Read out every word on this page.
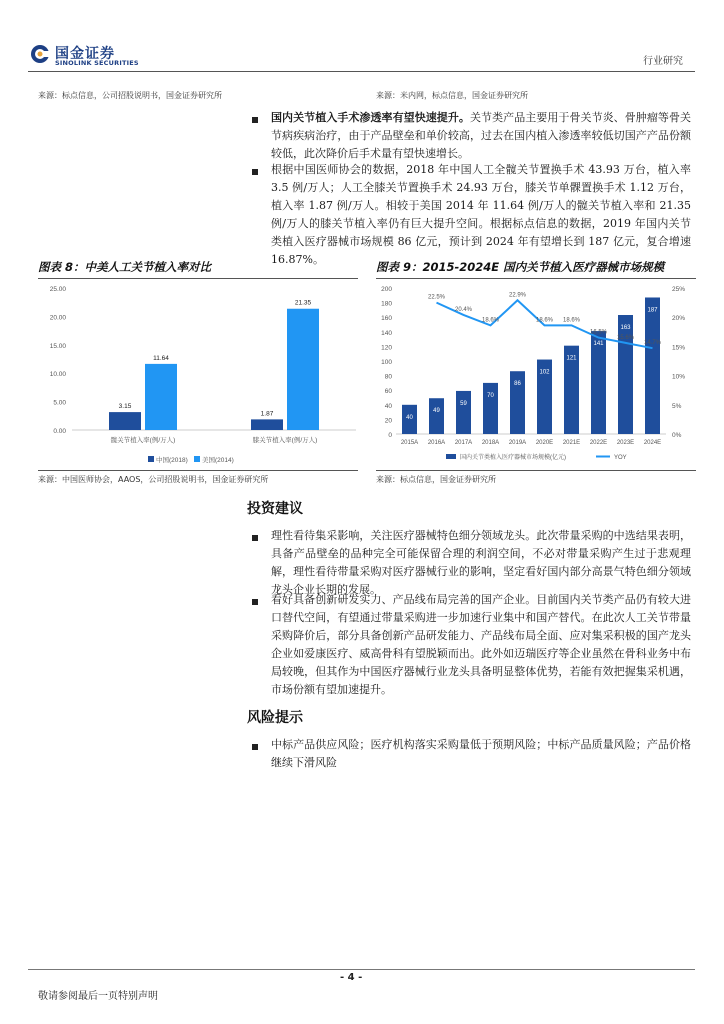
国金证券
SINOLINK SECURITIES	行业研究
来源：标点信息，公司招股说明书，国金证券研究所	来源：米内网，标点信息，国金证券研究所
国内关节植入手术渗透率有望快速提升。关节类产品主要用于骨关节炎、骨肿瘤等骨关节病疾病治疗，由于产品壁垒和单价较高，过去在国内植入渗透率较低切国产产品份额较低，此次降价后手术量有望快速增长。
根据中国医师协会的数据，2018 年中国人工全髋关节置换手术 43.93 万台，植入率 3.5 例/万人；人工全膝关节置换手术 24.93 万台，膝关节单髁置换手术 1.12 万台，植入率 1.87 例/万人。相较于美国 2014 年 11.64 例/万人的髋关节植入率和 21.35 例/万人的膝关节植入率仍有巨大提升空间。根据标点信息的数据，2019 年国内关节类植入医疗器械市场规模 86 亿元，预计到 2024 年有望增长到 187 亿元，复合增速 16.87%。
图表 8：中美人工关节植入率对比
0.00
5.00
10.00
15.00
20.00
25.00
3.15
11.64
髋关节植入率(例/万人)
1.87
21.35
膝关节植入率(例/万人)
中国(2018) 美国(2014)
来源：中国医师协会，AAOS，公司招股说明书，国金证券研究所
图表 9：2015-2024E 国内关节植入医疗器械市场规模
0
20
40
60
80
100
120
140
160
180
200
0%
5%
10%
15%
20%
25%
40
2015A
49
2016A
59
2017A
70
2018A
86
2019A
102
2020E
121
2021E
141
2022E
163
2023E
187
2024E
22.5%
20.4%
18.6%
22.9%
18.6% 18.6%
16.5%
15.6%
14.7%
国内关节类植入医疗器械市场规模(亿元)	YOY
来源：标点信息，国金证券研究所
投资建议
理性看待集采影响，关注医疗器械特色细分领域龙头。此次带量采购的中选结果表明，具备产品壁垒的品种完全可能保留合理的利润空间，不必对带量采购产生过于悲观理解，理性看待带量采购对医疗器械行业的影响，坚定看好国内部分高景气特色细分领域龙头企业长期的发展。
看好具备创新研发实力、产品线布局完善的国产企业。目前国内关节类产品仍有较大进口替代空间，有望通过带量采购进一步加速行业集中和国产替代。在此次人工关节带量采购降价后，部分具备创新产品研发能力、产品线布局全面、应对集采积极的国产龙头企业如爱康医疗、威高骨科有望脱颖而出。此外如迈瑞医疗等企业虽然在骨科业务中布局较晚，但其作为中国医疗器械行业龙头具备明显整体优势，若能有效把握集采机遇，市场份额有望加速提升。
风险提示
中标产品供应风险；医疗机构落实采购量低于预期风险；中标产品质量风险；产品价格继续下滑风险
- 4 -
敬请参阅最后一页特别声明
